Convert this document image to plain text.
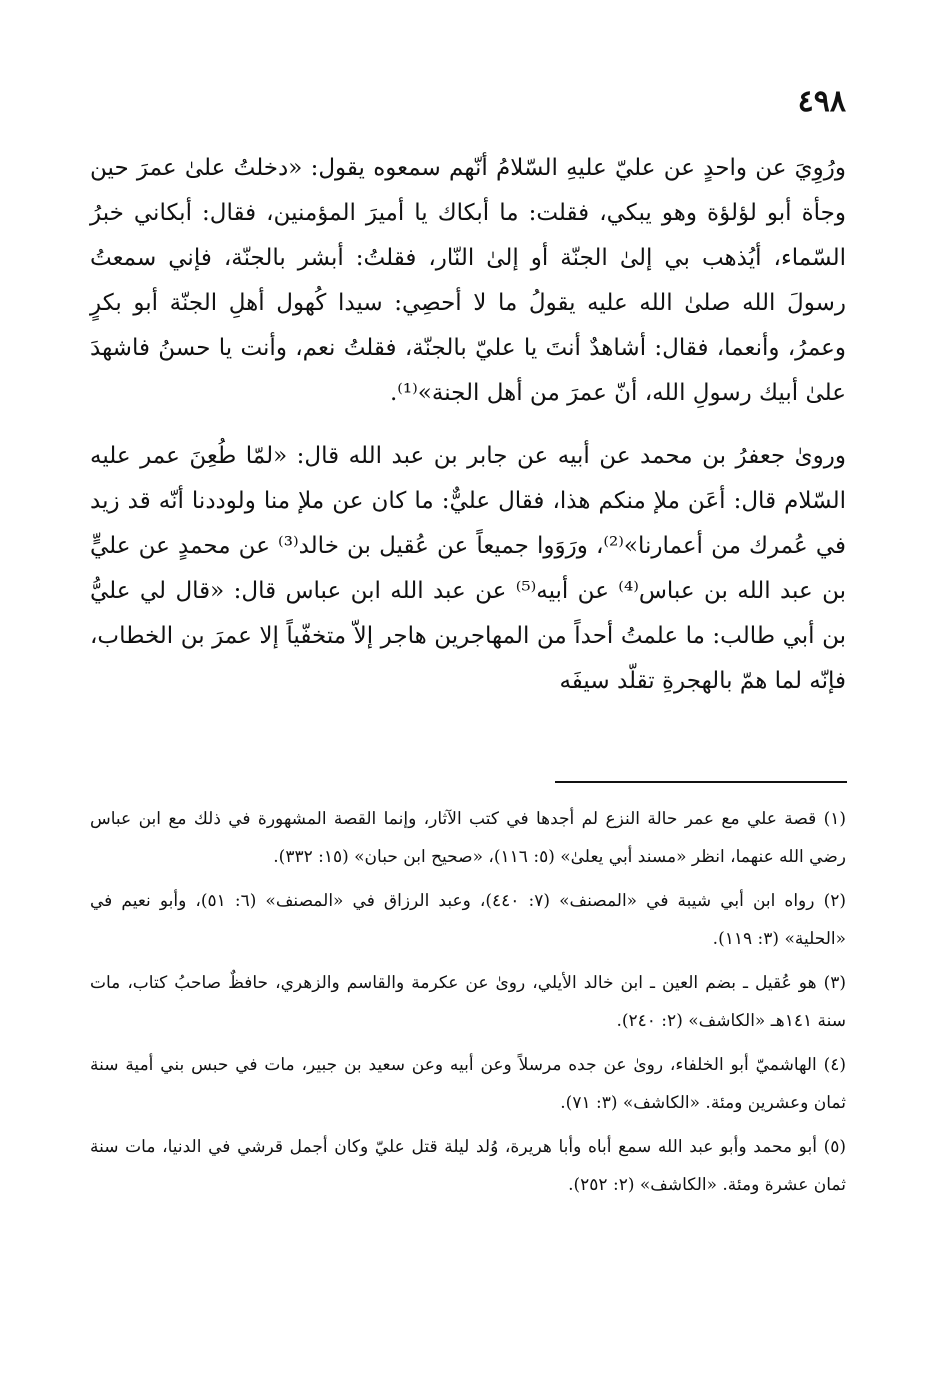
٤٩٨

ورُوِيَ عن واحدٍ عن عليّ عليهِ السّلامُ أنّهم سمعوه يقول: «دخلتُ علىٰ عمرَ حين وجأة أبو لؤلؤة وهو يبكي، فقلت: ما أبكاك يا أميرَ المؤمنين، فقال: أبكاني خبرُ السّماء، أيُذهب بي إلىٰ الجنّة أو إلىٰ النّار، فقلتُ: أبشر بالجنّة، فإني سمعتُ رسولَ الله صلىٰ الله عليه يقولُ ما لا أحصِي: سيدا كُهول أهلِ الجنّة أبو بكرٍ وعمرُ، وأنعما، فقال: أشاهدٌ أنتَ يا عليّ بالجنّة، فقلتُ نعم، وأنت يا حسنُ فاشهدَ علىٰ أبيك رسولِ الله، أنّ عمرَ من أهل الجنة»⁽¹⁾.

وروىٰ جعفرُ بن محمد عن أبيه عن جابر بن عبد الله قال: «لمّا طُعِنَ عمر عليه السّلام قال: أعَن ملإ منكم هذا، فقال عليٌّ: ما كان عن ملإ منا ولوددنا أنّه قد زيد في عُمرك من أعمارنا»⁽²⁾، ورَوَوا جميعاً عن عُقيل بن خالد⁽³⁾ عن محمدٍ عن عليٍّ بن عبد الله بن عباس⁽⁴⁾ عن أبيه⁽⁵⁾ عن عبد الله ابن عباس قال: «قال لي عليُّ بن أبي طالب: ما علمتُ أحداً من المهاجرين هاجر إلاّ متخفّياً إلا عمرَ بن الخطاب، فإنّه لما همّ بالهجرةِ تقلّد سيفَه

(١) قصة علي مع عمر حالة النزع لم أجدها في كتب الآثار، وإنما القصة المشهورة في ذلك مع ابن عباس رضي الله عنهما، انظر «مسند أبي يعلىٰ» (٥: ١١٦)، «صحيح ابن حبان» (١٥: ٣٣٢).

(٢) رواه ابن أبي شيبة في «المصنف» (٧: ٤٤٠)، وعبد الرزاق في «المصنف» (٦: ٥١)، وأبو نعيم في «الحلية» (٣: ١١٩).

(٣) هو عُقيل ـ بضم العين ـ ابن خالد الأيلي، روىٰ عن عكرمة والقاسم والزهري، حافظٌ صاحبُ كتاب، مات سنة ١٤١هـ «الكاشف» (٢: ٢٤٠).

(٤) الهاشميّ أبو الخلفاء، روىٰ عن جده مرسلاً وعن أبيه وعن سعيد بن جبير، مات في حبس بني أمية سنة ثمان وعشرين ومئة. «الكاشف» (٣: ٧١).

(٥) أبو محمد وأبو عبد الله سمع أباه وأبا هريرة، وُلد ليلة قتل عليّ وكان أجمل قرشي في الدنيا، مات سنة ثمان عشرة ومئة. «الكاشف» (٢: ٢٥٢).
